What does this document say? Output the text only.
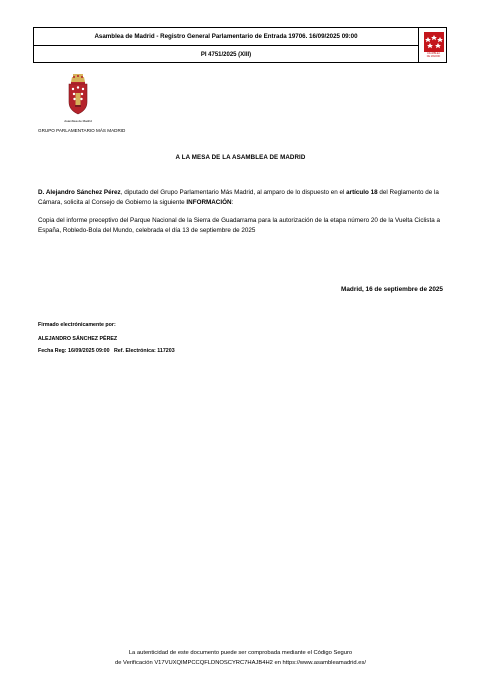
Asamblea de Madrid - Registro General Parlamentario de Entrada 19706. 16/09/2025 09:00
PI 4751/2025 (XIII)	ASAMBLEA
DE MADRID
Asamblea de Madrid
GRUPO PARLAMENTARIO MÁS MADRID
A LA MESA DE LA ASAMBLEA DE MADRID
D. Alejandro Sánchez Pérez, diputado del Grupo Parlamentario Más Madrid, al amparo de lo dispuesto en el artículo 18 del Reglamento de la Cámara, solicita al Consejo de Gobierno la siguiente INFORMACIÓN:
Copia del informe preceptivo del Parque Nacional de la Sierra de Guadarrama para la autorización de la etapa número 20 de la Vuelta Ciclista a España, Robledo-Bola del Mundo, celebrada el día 13 de septiembre de 2025
Madrid, 16 de septiembre de 2025
Firmado electrónicamente por:
ALEJANDRO SÁNCHEZ PÉREZ
Fecha Reg: 16/09/2025 09:00 Ref. Electrónica: 117203
La autenticidad de este documento puede ser comprobada mediante el Código Seguro
de Verificación V17VUXQIMPCCQFLDNOSCYRC7HAJB4H2 en https://www.asambleamadrid.es/
